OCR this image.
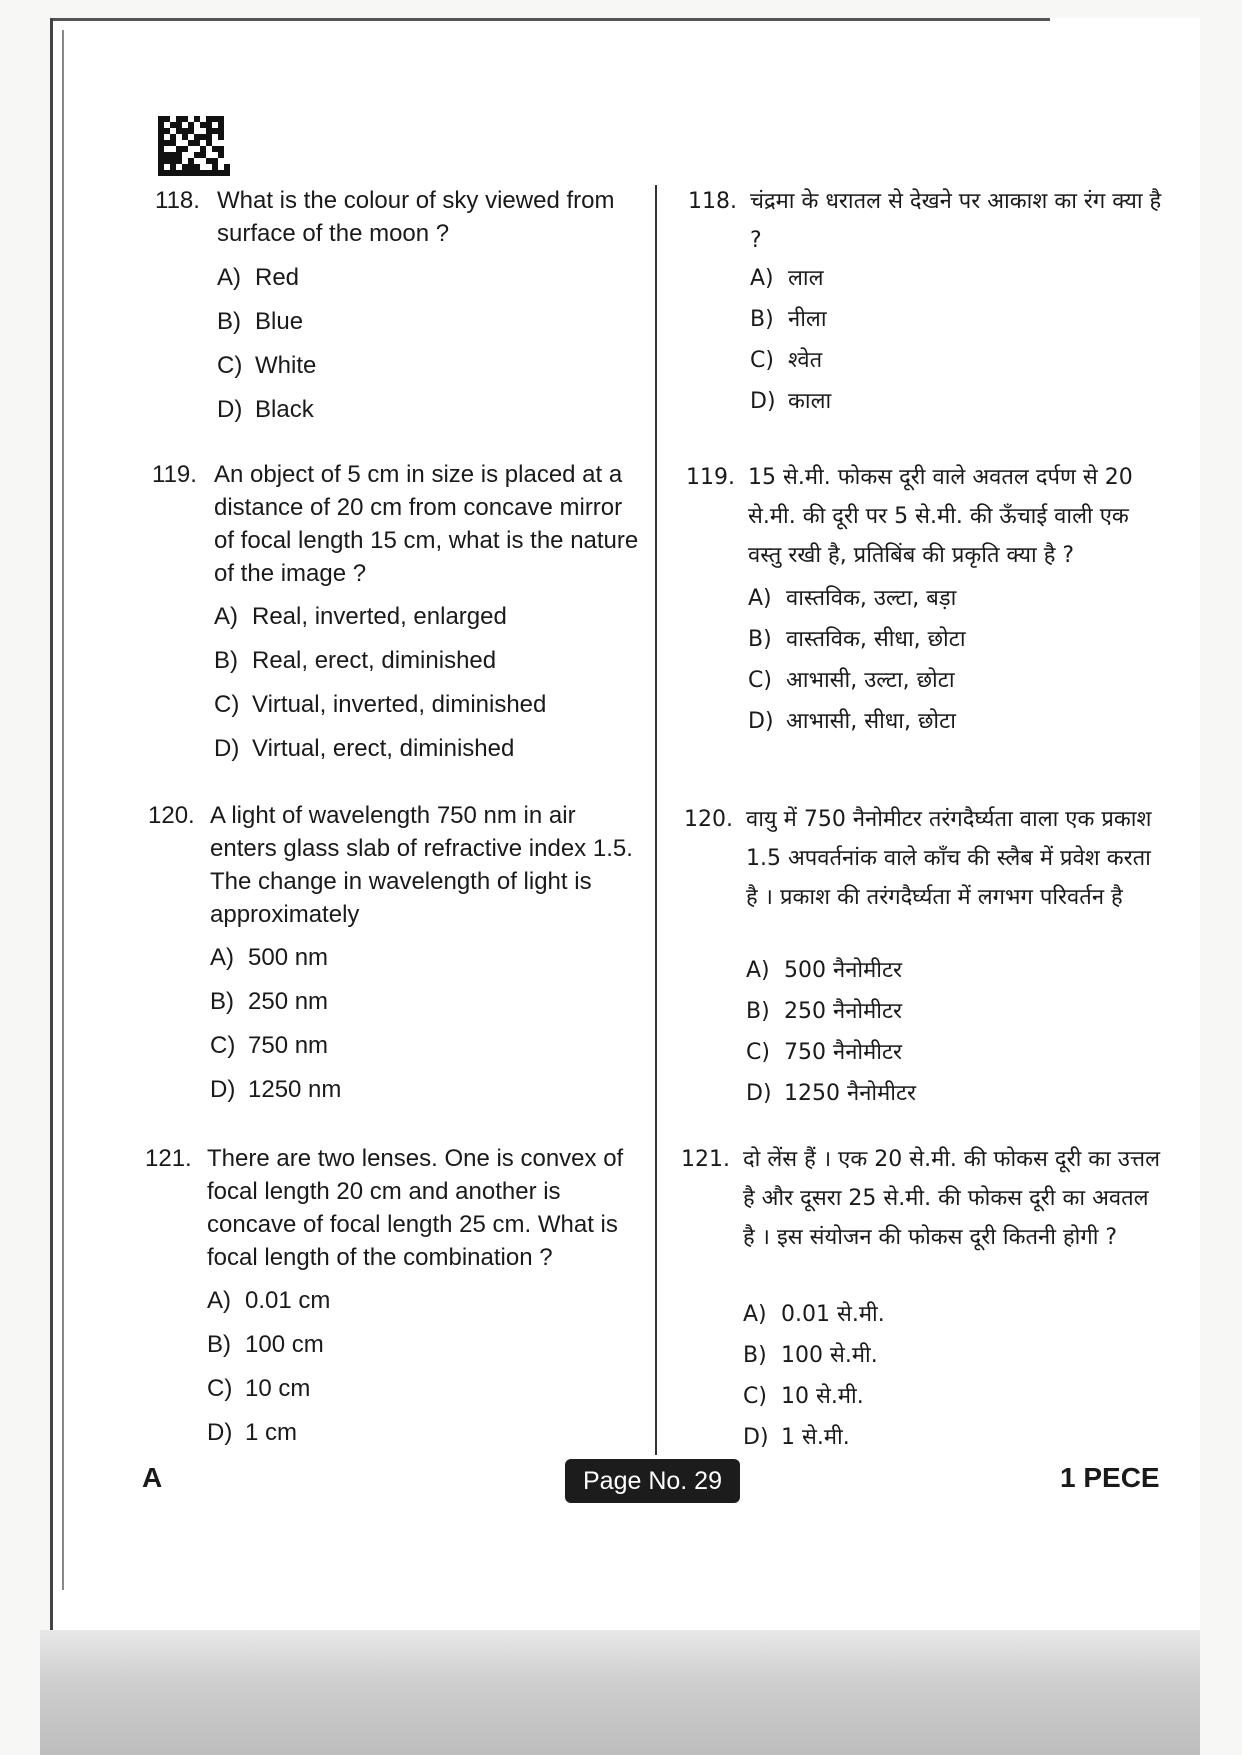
118. What is the colour of sky viewed from surface of the moon ?
A) Red
B) Blue
C) White
D) Black
119. An object of 5 cm in size is placed at a distance of 20 cm from concave mirror of focal length 15 cm, what is the nature of the image ?
A) Real, inverted, enlarged
B) Real, erect, diminished
C) Virtual, inverted, diminished
D) Virtual, erect, diminished
120. A light of wavelength 750 nm in air enters glass slab of refractive index 1.5. The change in wavelength of light is approximately
A) 500 nm
B) 250 nm
C) 750 nm
D) 1250 nm
121. There are two lenses. One is convex of focal length 20 cm and another is concave of focal length 25 cm. What is focal length of the combination ?
A) 0.01 cm
B) 100 cm
C) 10 cm
D) 1 cm
118. चंद्रमा के धरातल से देखने पर आकाश का रंग क्या है ?
A) लाल
B) नीला
C) श्वेत
D) काला
119. 15 से.मी. फोकस दूरी वाले अवतल दर्पण से 20 से.मी. की दूरी पर 5 से.मी. की ऊँचाई वाली एक वस्तु रखी है, प्रतिबिंब की प्रकृति क्या है ?
A) वास्तविक, उल्टा, बड़ा
B) वास्तविक, सीधा, छोटा
C) आभासी, उल्टा, छोटा
D) आभासी, सीधा, छोटा
120. वायु में 750 नैनोमीटर तरंगदैर्घ्यता वाला एक प्रकाश 1.5 अपवर्तनांक वाले काँच की स्लैब में प्रवेश करता है । प्रकाश की तरंगदैर्घ्यता में लगभग परिवर्तन है
A) 500 नैनोमीटर
B) 250 नैनोमीटर
C) 750 नैनोमीटर
D) 1250 नैनोमीटर
121. दो लेंस हैं । एक 20 से.मी. की फोकस दूरी का उत्तल है और दूसरा 25 से.मी. की फोकस दूरी का अवतल है । इस संयोजन की फोकस दूरी कितनी होगी ?
A) 0.01 से.मी.
B) 100 से.मी.
C) 10 से.मी.
D) 1 से.मी.
A	Page No. 29	1 PECE
